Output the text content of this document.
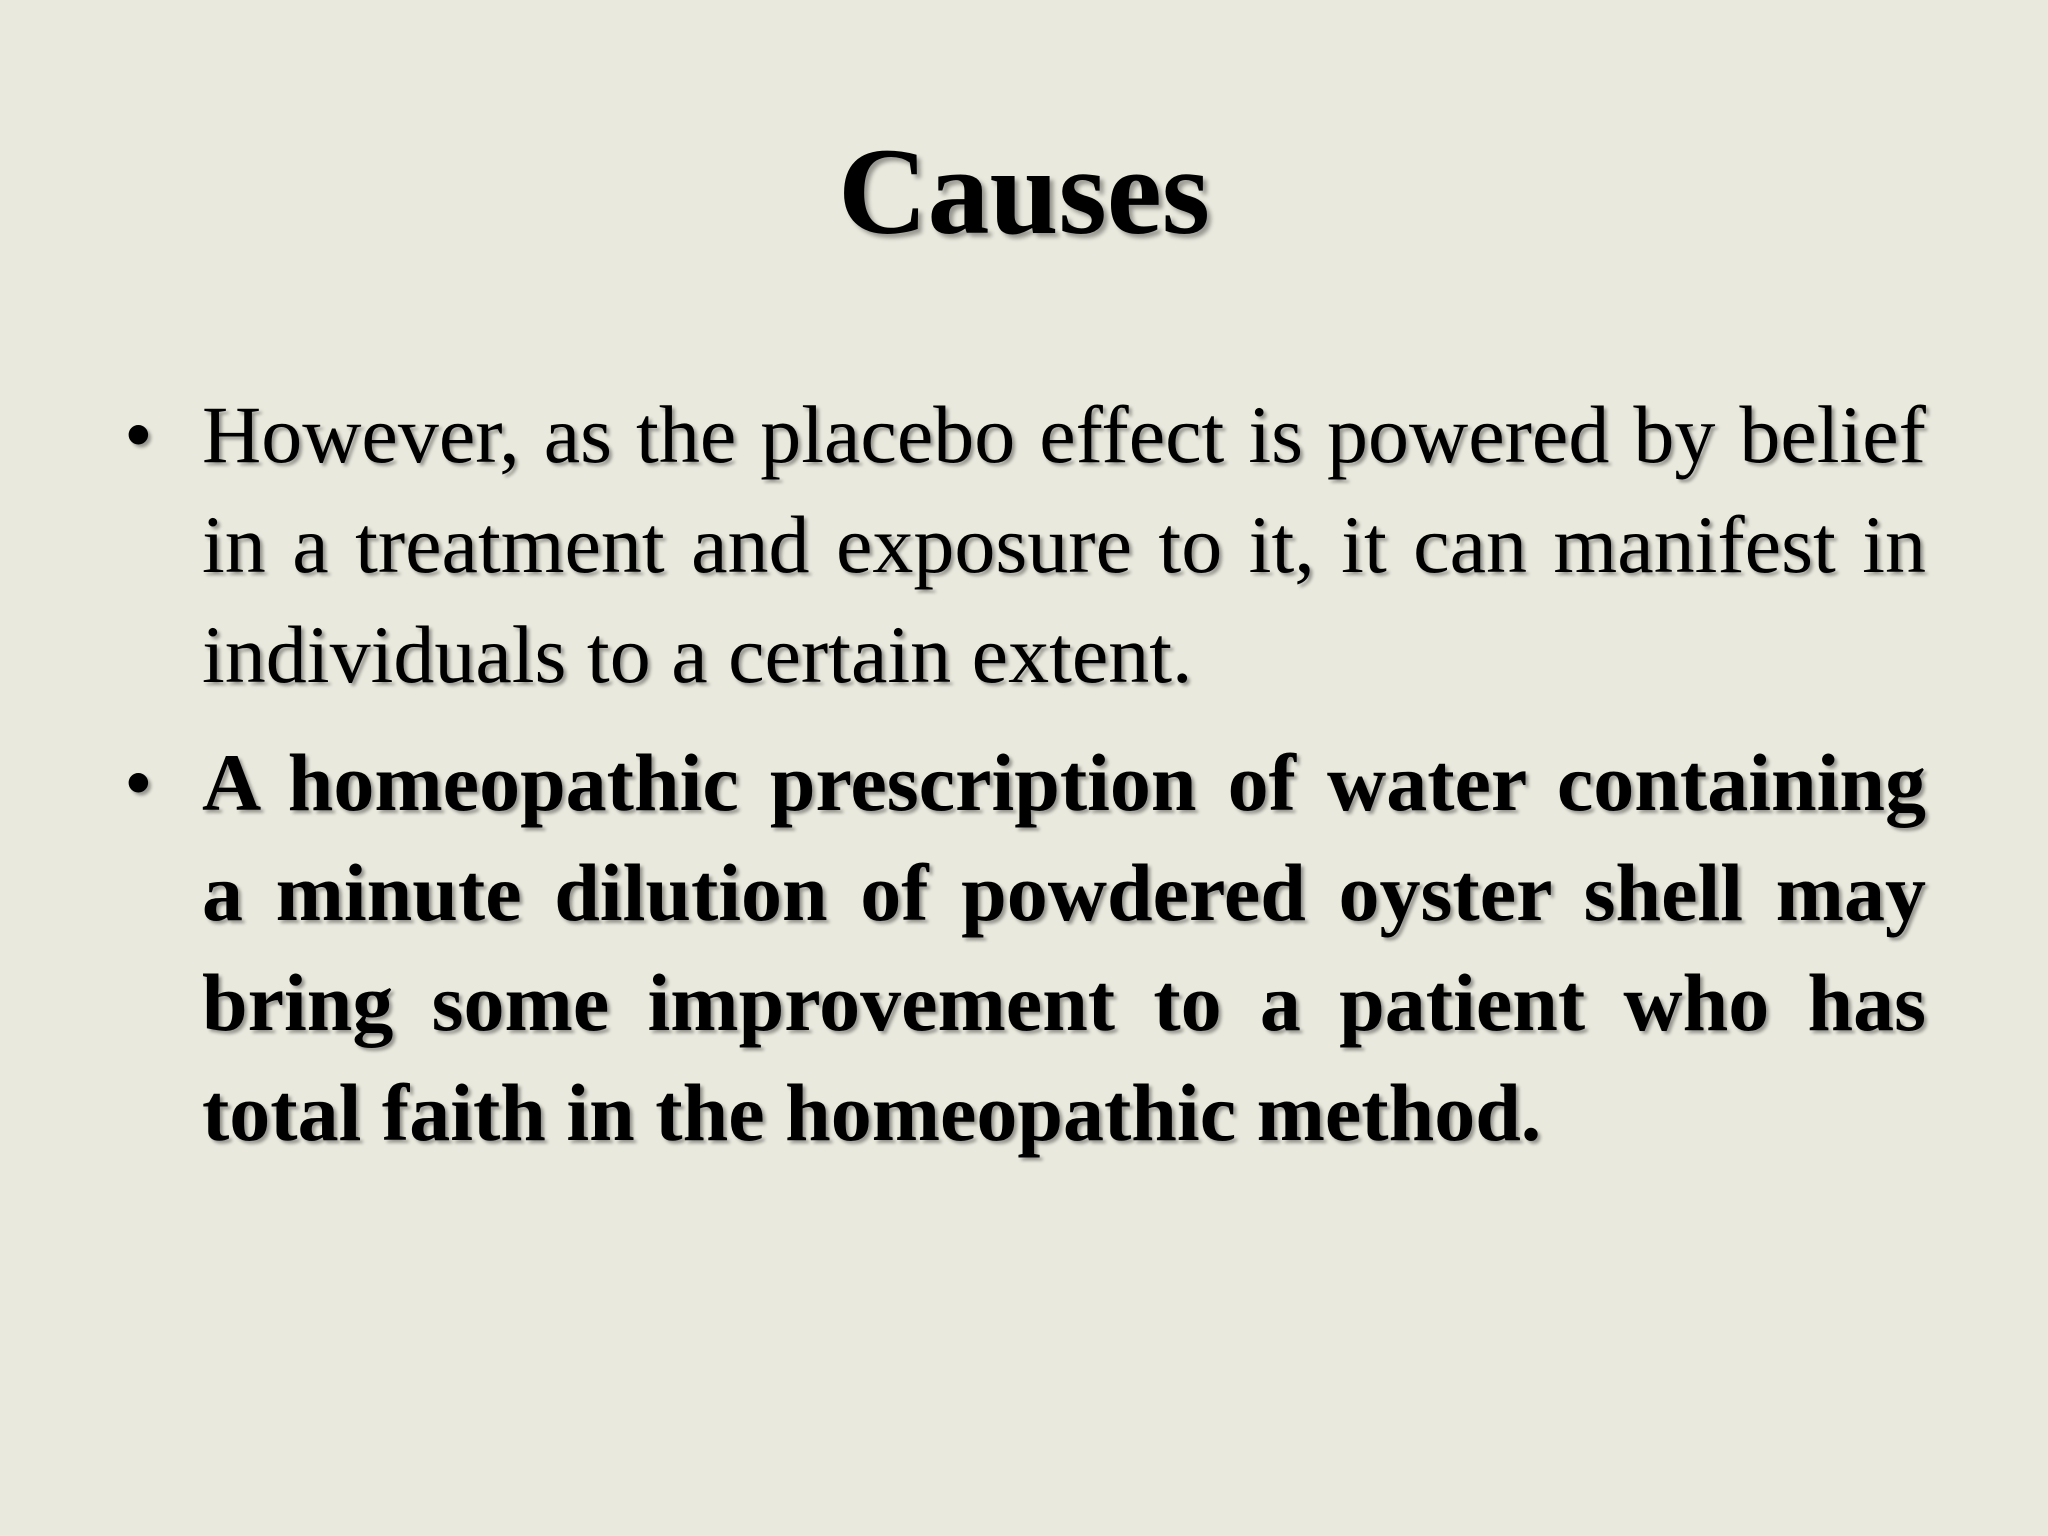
Causes
• However, as the placebo effect is powered by belief in a treatment and exposure to it, it can manifest in individuals to a certain extent.
• A homeopathic prescription of water containing a minute dilution of powdered oyster shell may bring some improvement to a patient who has total faith in the homeopathic method.
